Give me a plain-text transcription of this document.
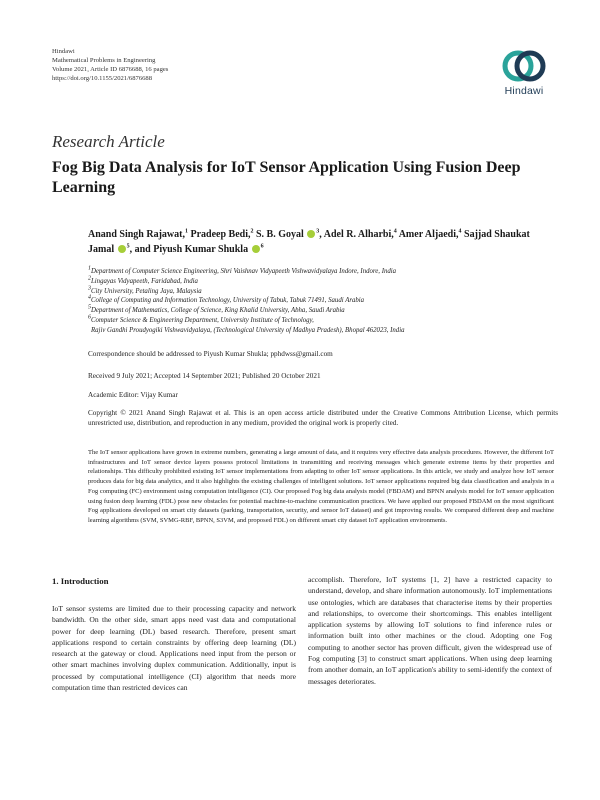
Hindawi
Mathematical Problems in Engineering
Volume 2021, Article ID 6876688, 16 pages
https://doi.org/10.1155/2021/6876688
Hindawi
Research Article
Fog Big Data Analysis for IoT Sensor Application Using Fusion Deep Learning
Anand Singh Rajawat,$^1$ Pradeep Bedi,$^2$ S. B. Goyal $^3$, Adel R. Alharbi,$^4$ Amer Aljaedi,$^4$ Sajjad Shaukat Jamal $^5$, and Piyush Kumar Shukla $^6$
$^1$Department of Computer Science Engineering, Shri Vaishnav Vidyapeeth Vishwavidyalaya Indore, Indore, India
$^2$Lingayas Vidyapeeth, Faridabad, India
$^3$City University, Petaling Jaya, Malaysia
$^4$College of Computing and Information Technology, University of Tabuk, Tabuk 71491, Saudi Arabia
$^5$Department of Mathematics, College of Science, King Khalid University, Abha, Saudi Arabia
$^6$Computer Science & Engineering Department, University Institute of Technology,
Rajiv Gandhi Proudyogiki Vishwavidyalaya, (Technological University of Madhya Pradesh), Bhopal 462023, India
Correspondence should be addressed to Piyush Kumar Shukla; pphdwss@gmail.com
Received 9 July 2021; Accepted 14 September 2021; Published 20 October 2021
Academic Editor: Vijay Kumar
Copyright © 2021 Anand Singh Rajawat et al. This is an open access article distributed under the Creative Commons Attribution License, which permits unrestricted use, distribution, and reproduction in any medium, provided the original work is properly cited.
The IoT sensor applications have grown in extreme numbers, generating a large amount of data, and it requires very effective data analysis procedures. However, the different IoT infrastructures and IoT sensor device layers possess protocol limitations in transmitting and receiving messages which generate extreme items by their properties and relationships. This difficulty prohibited existing IoT sensor implementations from adapting to other IoT sensor applications. In this article, we study and analyze how IoT sensor produces data for big data analytics, and it also highlights the existing challenges of intelligent solutions. IoT sensor applications required big data classification and analysis in a Fog computing (FC) environment using computation intelligence (CI). Our proposed Fog big data analysis model (FBDAM) and BPNN analysis model for IoT sensor application using fusion deep learning (FDL) pose new obstacles for potential machine-to-machine communication practices. We have applied our proposed FBDAM on the most significant Fog applications developed on smart city datasets (parking, transportation, security, and sensor IoT dataset) and got improving results. We compared different deep and machine learning algorithms (SVM, SVMG-RBF, BPNN, S3VM, and proposed FDL) on different smart city dataset IoT application environments.
1. Introduction

IoT sensor systems are limited due to their processing capacity and network bandwidth. On the other side, smart apps need vast data and computational power for deep learning (DL) based research. Therefore, present smart applications respond to certain constraints by offering deep learning (DL) research at the gateway or cloud. Applications need input from the person or other smart machines involving duplex communication. Additionally, input is processed by computational intelligence (CI) algorithm that needs more computation time than restricted devices can

accomplish. Therefore, IoT systems [1, 2] have a restricted capacity to understand, develop, and share information autonomously. IoT implementations use ontologies, which are databases that characterise items by their properties and relationships, to overcome their shortcomings. This enables intelligent application systems by allowing IoT solutions to find inference rules or information built into other machines or the cloud. Adopting one Fog computing to another sector has proven difficult, given the widespread use of Fog computing [3] to construct smart applications. When using deep learning from another domain, an IoT application's ability to semi-identify the context of messages deteriorates.
